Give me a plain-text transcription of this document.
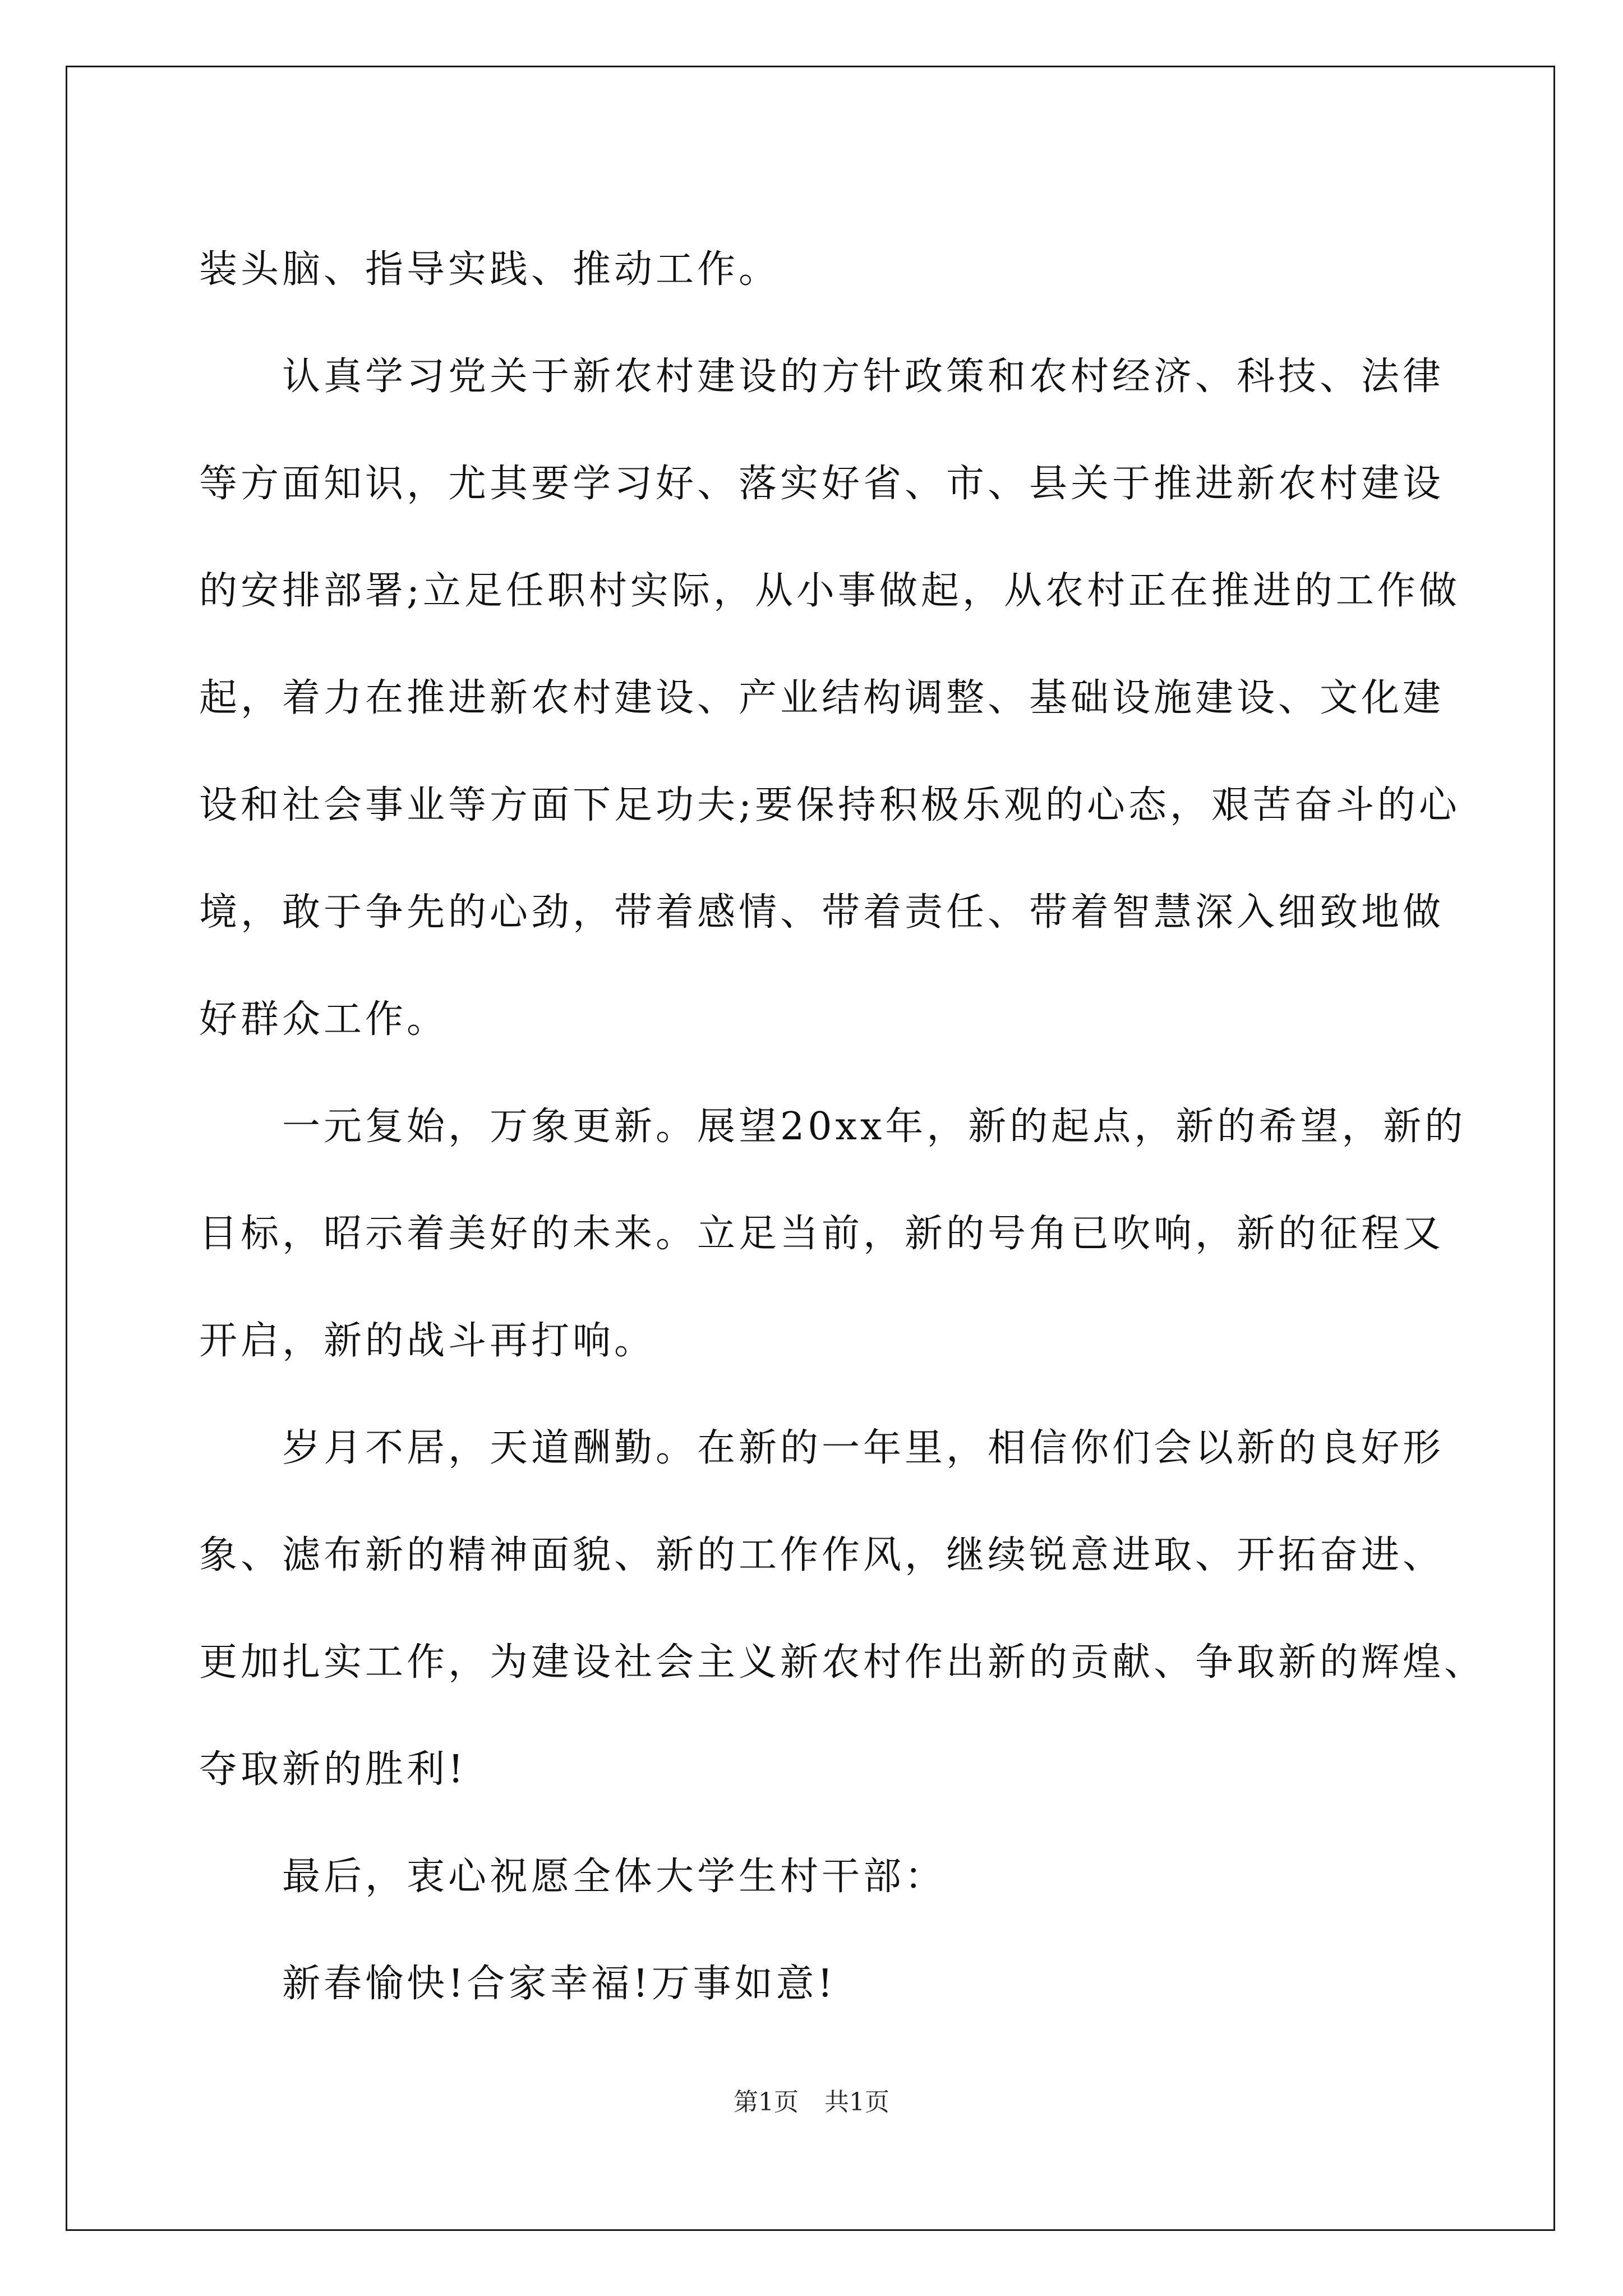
装头脑、指导实践、推动工作。
认真学习党关于新农村建设的方针政策和农村经济、科技、法律
等方面知识，尤其要学习好、落实好省、市、县关于推进新农村建设
的安排部署;立足任职村实际，从小事做起，从农村正在推进的工作做
起，着力在推进新农村建设、产业结构调整、基础设施建设、文化建
设和社会事业等方面下足功夫;要保持积极乐观的心态，艰苦奋斗的心
境，敢于争先的心劲，带着感情、带着责任、带着智慧深入细致地做
好群众工作。
一元复始，万象更新。展望20xx年，新的起点，新的希望，新的
目标，昭示着美好的未来。立足当前，新的号角已吹响，新的征程又
开启，新的战斗再打响。
岁月不居，天道酬勤。在新的一年里，相信你们会以新的良好形
象、滤布新的精神面貌、新的工作作风，继续锐意进取、开拓奋进、
更加扎实工作，为建设社会主义新农村作出新的贡献、争取新的辉煌、
夺取新的胜利!
最后，衷心祝愿全体大学生村干部：
新春愉快!合家幸福!万事如意!
第1页 共1页
